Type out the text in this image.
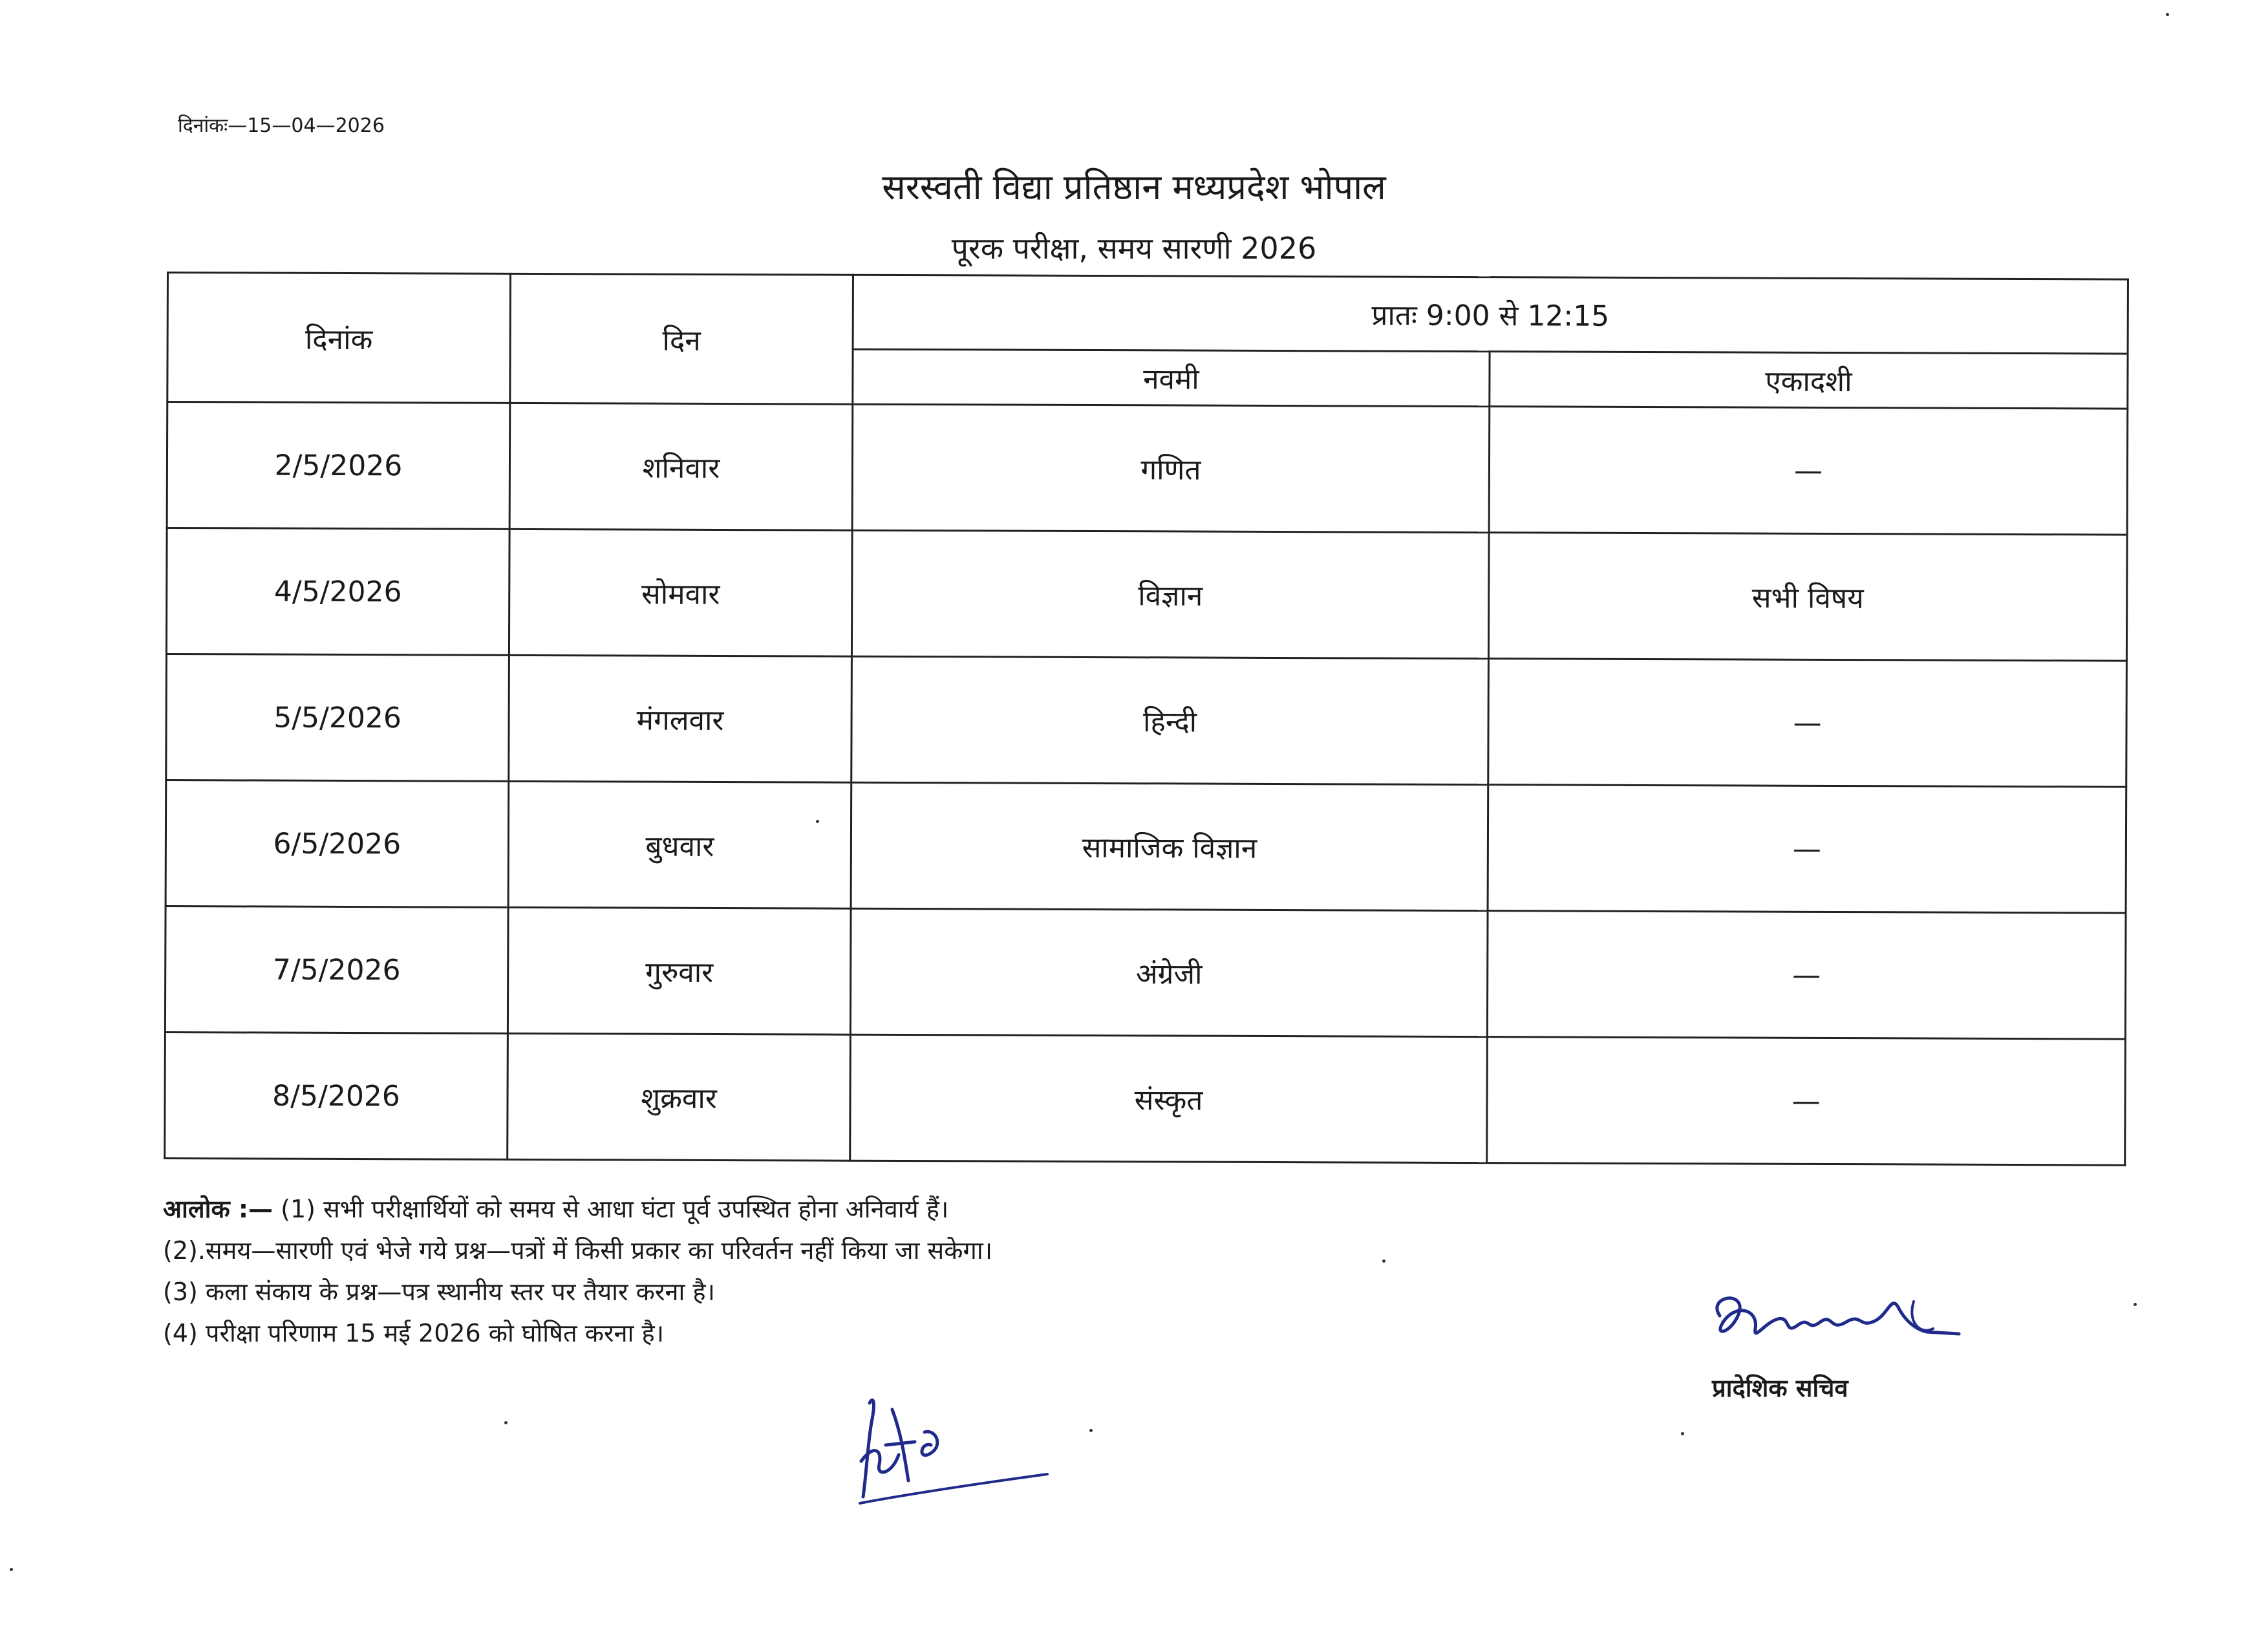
दिनांकः—15—04—2026
सरस्वती विद्या प्रतिष्ठान मध्यप्रदेश भोपाल
पूरक परीक्षा, समय सारणी 2026
दिनांक	दिन	प्रातः 9:00 से 12:15	
		नवमी	एकादशी
2/5/2026	शनिवार	गणित	—
4/5/2026	सोमवार	विज्ञान	सभी विषय
5/5/2026	मंगलवार	हिन्दी	—
6/5/2026	बुधवार	सामाजिक विज्ञान	—
7/5/2026	गुरुवार	अंग्रेजी	—
8/5/2026	शुक्रवार	संस्कृत	—
आलोक :— (1) सभी परीक्षार्थियों को समय से आधा घंटा पूर्व उपस्थित होना अनिवार्य हैं।
(2).समय—सारणी एवं भेजे गये प्रश्न—पत्रों में किसी प्रकार का परिवर्तन नहीं किया जा सकेगा।
(3) कला संकाय के प्रश्न—पत्र स्थानीय स्तर पर तैयार करना है।
(4) परीक्षा परिणाम 15 मई 2026 को घोषित करना है।
प्रादेशिक सचिव
